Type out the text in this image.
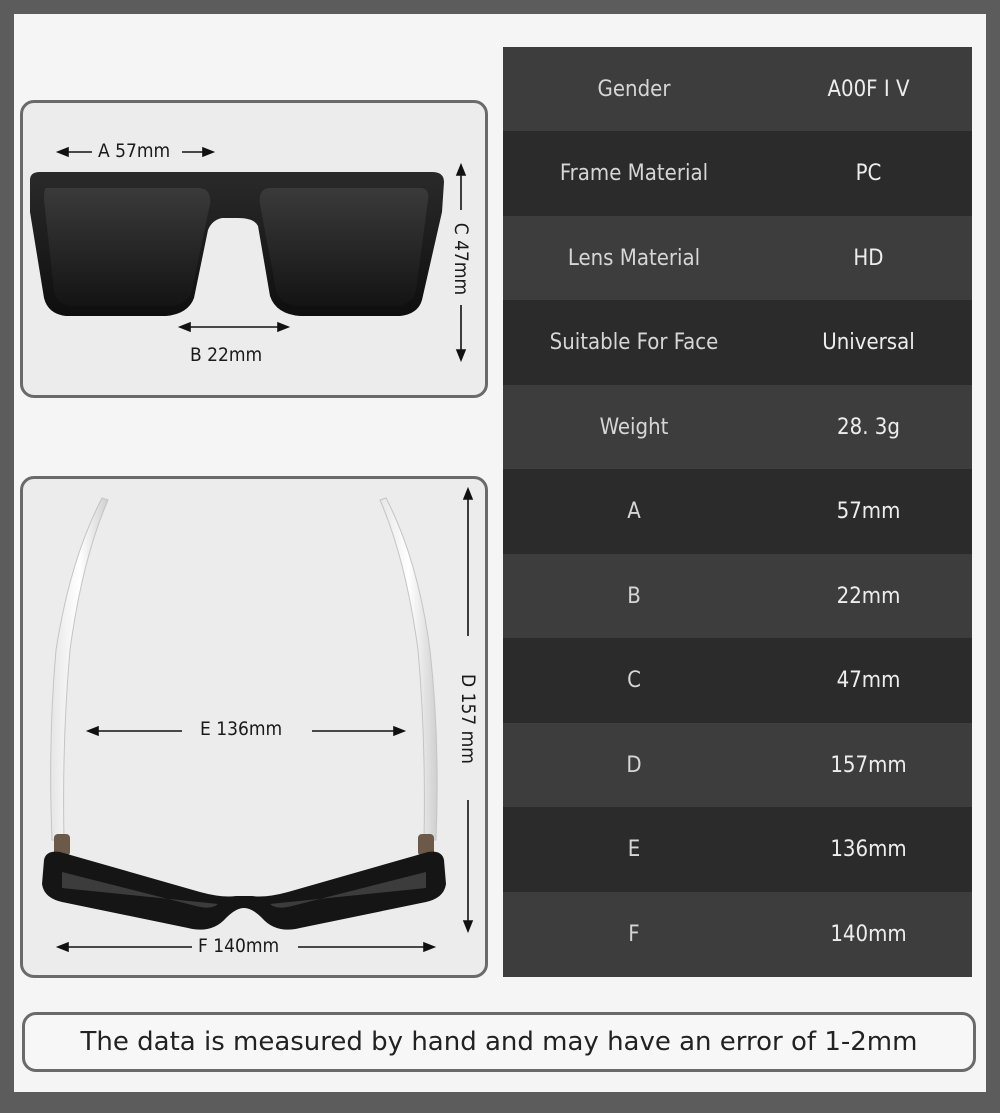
A 57mm
B 22mm
C 47mm
E 136mm
F 140mm
D 157 mm
Gender	A00F I V
Frame Material	PC
Lens Material	HD
Suitable For Face	Universal
Weight	28. 3g
A	57mm
B	22mm
C	47mm
D	157mm
E	136mm
F	140mm
The data is measured by hand and may have an error of 1-2mm
